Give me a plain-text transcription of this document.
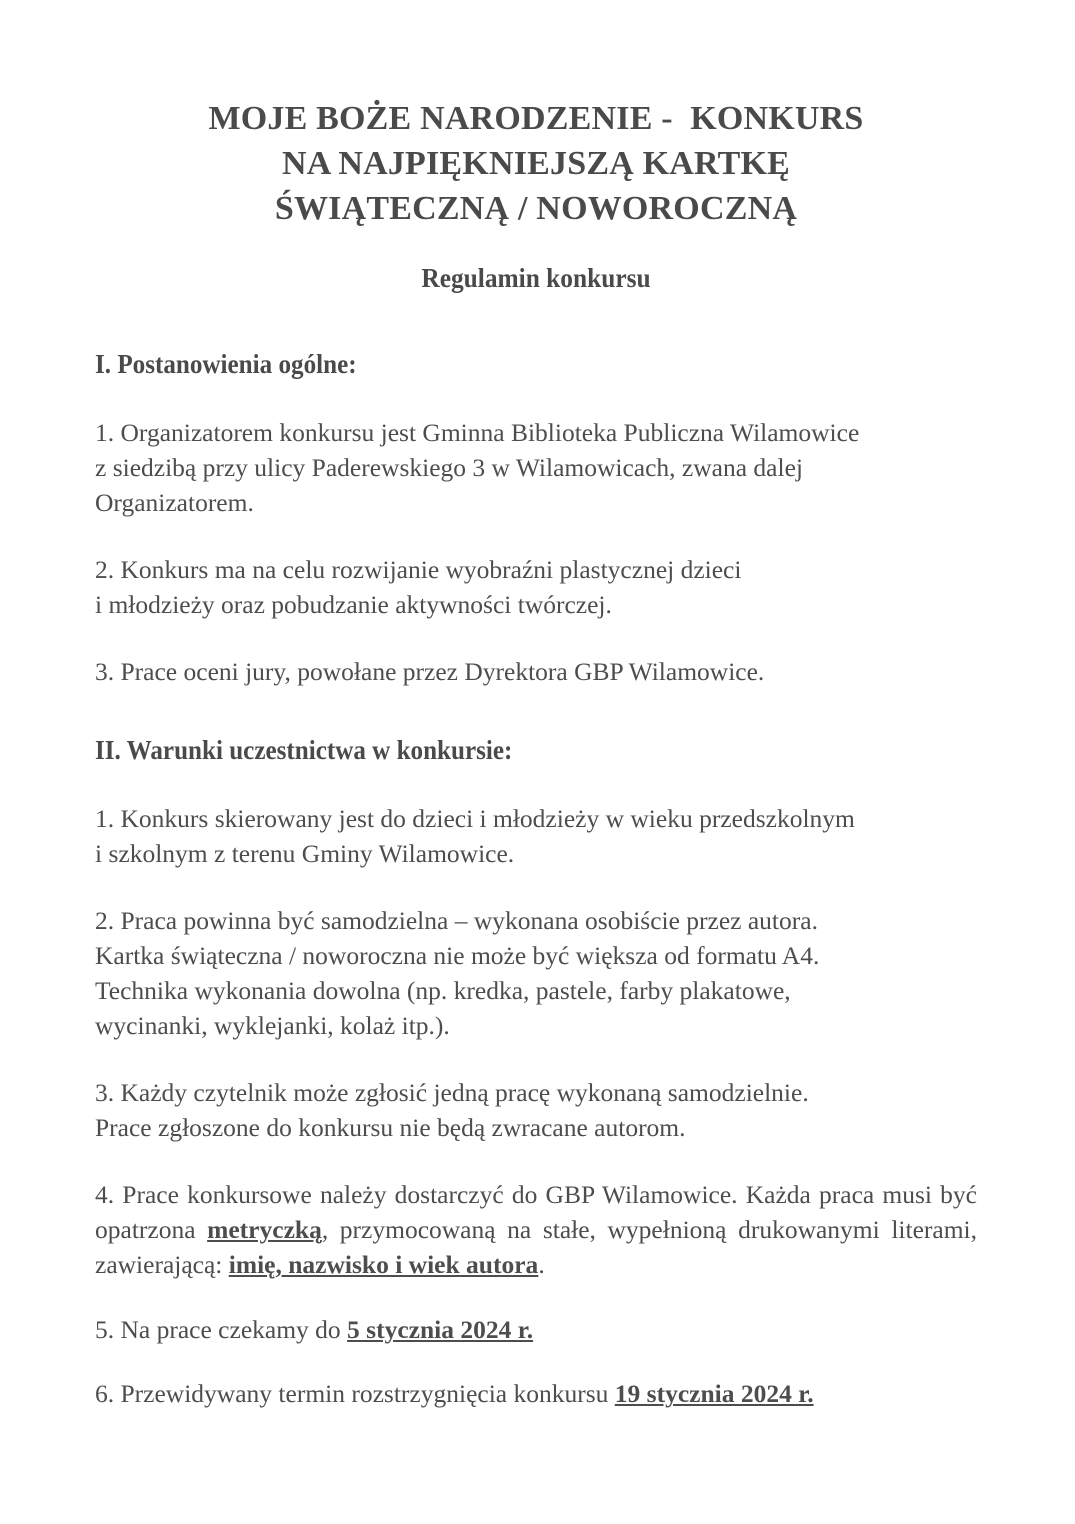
MOJE BOŻE NARODZENIE -  KONKURS
NA NAJPIĘKNIEJSZĄ KARTKĘ
ŚWIĄTECZNĄ / NOWOROCZNĄ
Regulamin konkursu
I. Postanowienia ogólne:

1. Organizatorem konkursu jest Gminna Biblioteka Publiczna Wilamowice
z siedzibą przy ulicy Paderewskiego 3 w Wilamowicach, zwana dalej
Organizatorem.

2. Konkurs ma na celu rozwijanie wyobraźni plastycznej dzieci
i młodzieży oraz pobudzanie aktywności twórczej.

3. Prace oceni jury, powołane przez Dyrektora GBP Wilamowice.

II. Warunki uczestnictwa w konkursie:

1. Konkurs skierowany jest do dzieci i młodzieży w wieku przedszkolnym
i szkolnym z terenu Gminy Wilamowice.

2. Praca powinna być samodzielna – wykonana osobiście przez autora.
Kartka świąteczna / noworoczna nie może być większa od formatu A4.
Technika wykonania dowolna (np. kredka, pastele, farby plakatowe,
wycinanki, wyklejanki, kolaż itp.).

3. Każdy czytelnik może zgłosić jedną pracę wykonaną samodzielnie.
Prace zgłoszone do konkursu nie będą zwracane autorom.

4. Prace konkursowe należy dostarczyć do GBP Wilamowice. Każda praca musi być opatrzona metryczką, przymocowaną na stałe, wypełnioną drukowanymi literami, zawierającą: imię, nazwisko i wiek autora.

5. Na prace czekamy do 5 stycznia 2024 r.

6. Przewidywany termin rozstrzygnięcia konkursu 19 stycznia 2024 r.
